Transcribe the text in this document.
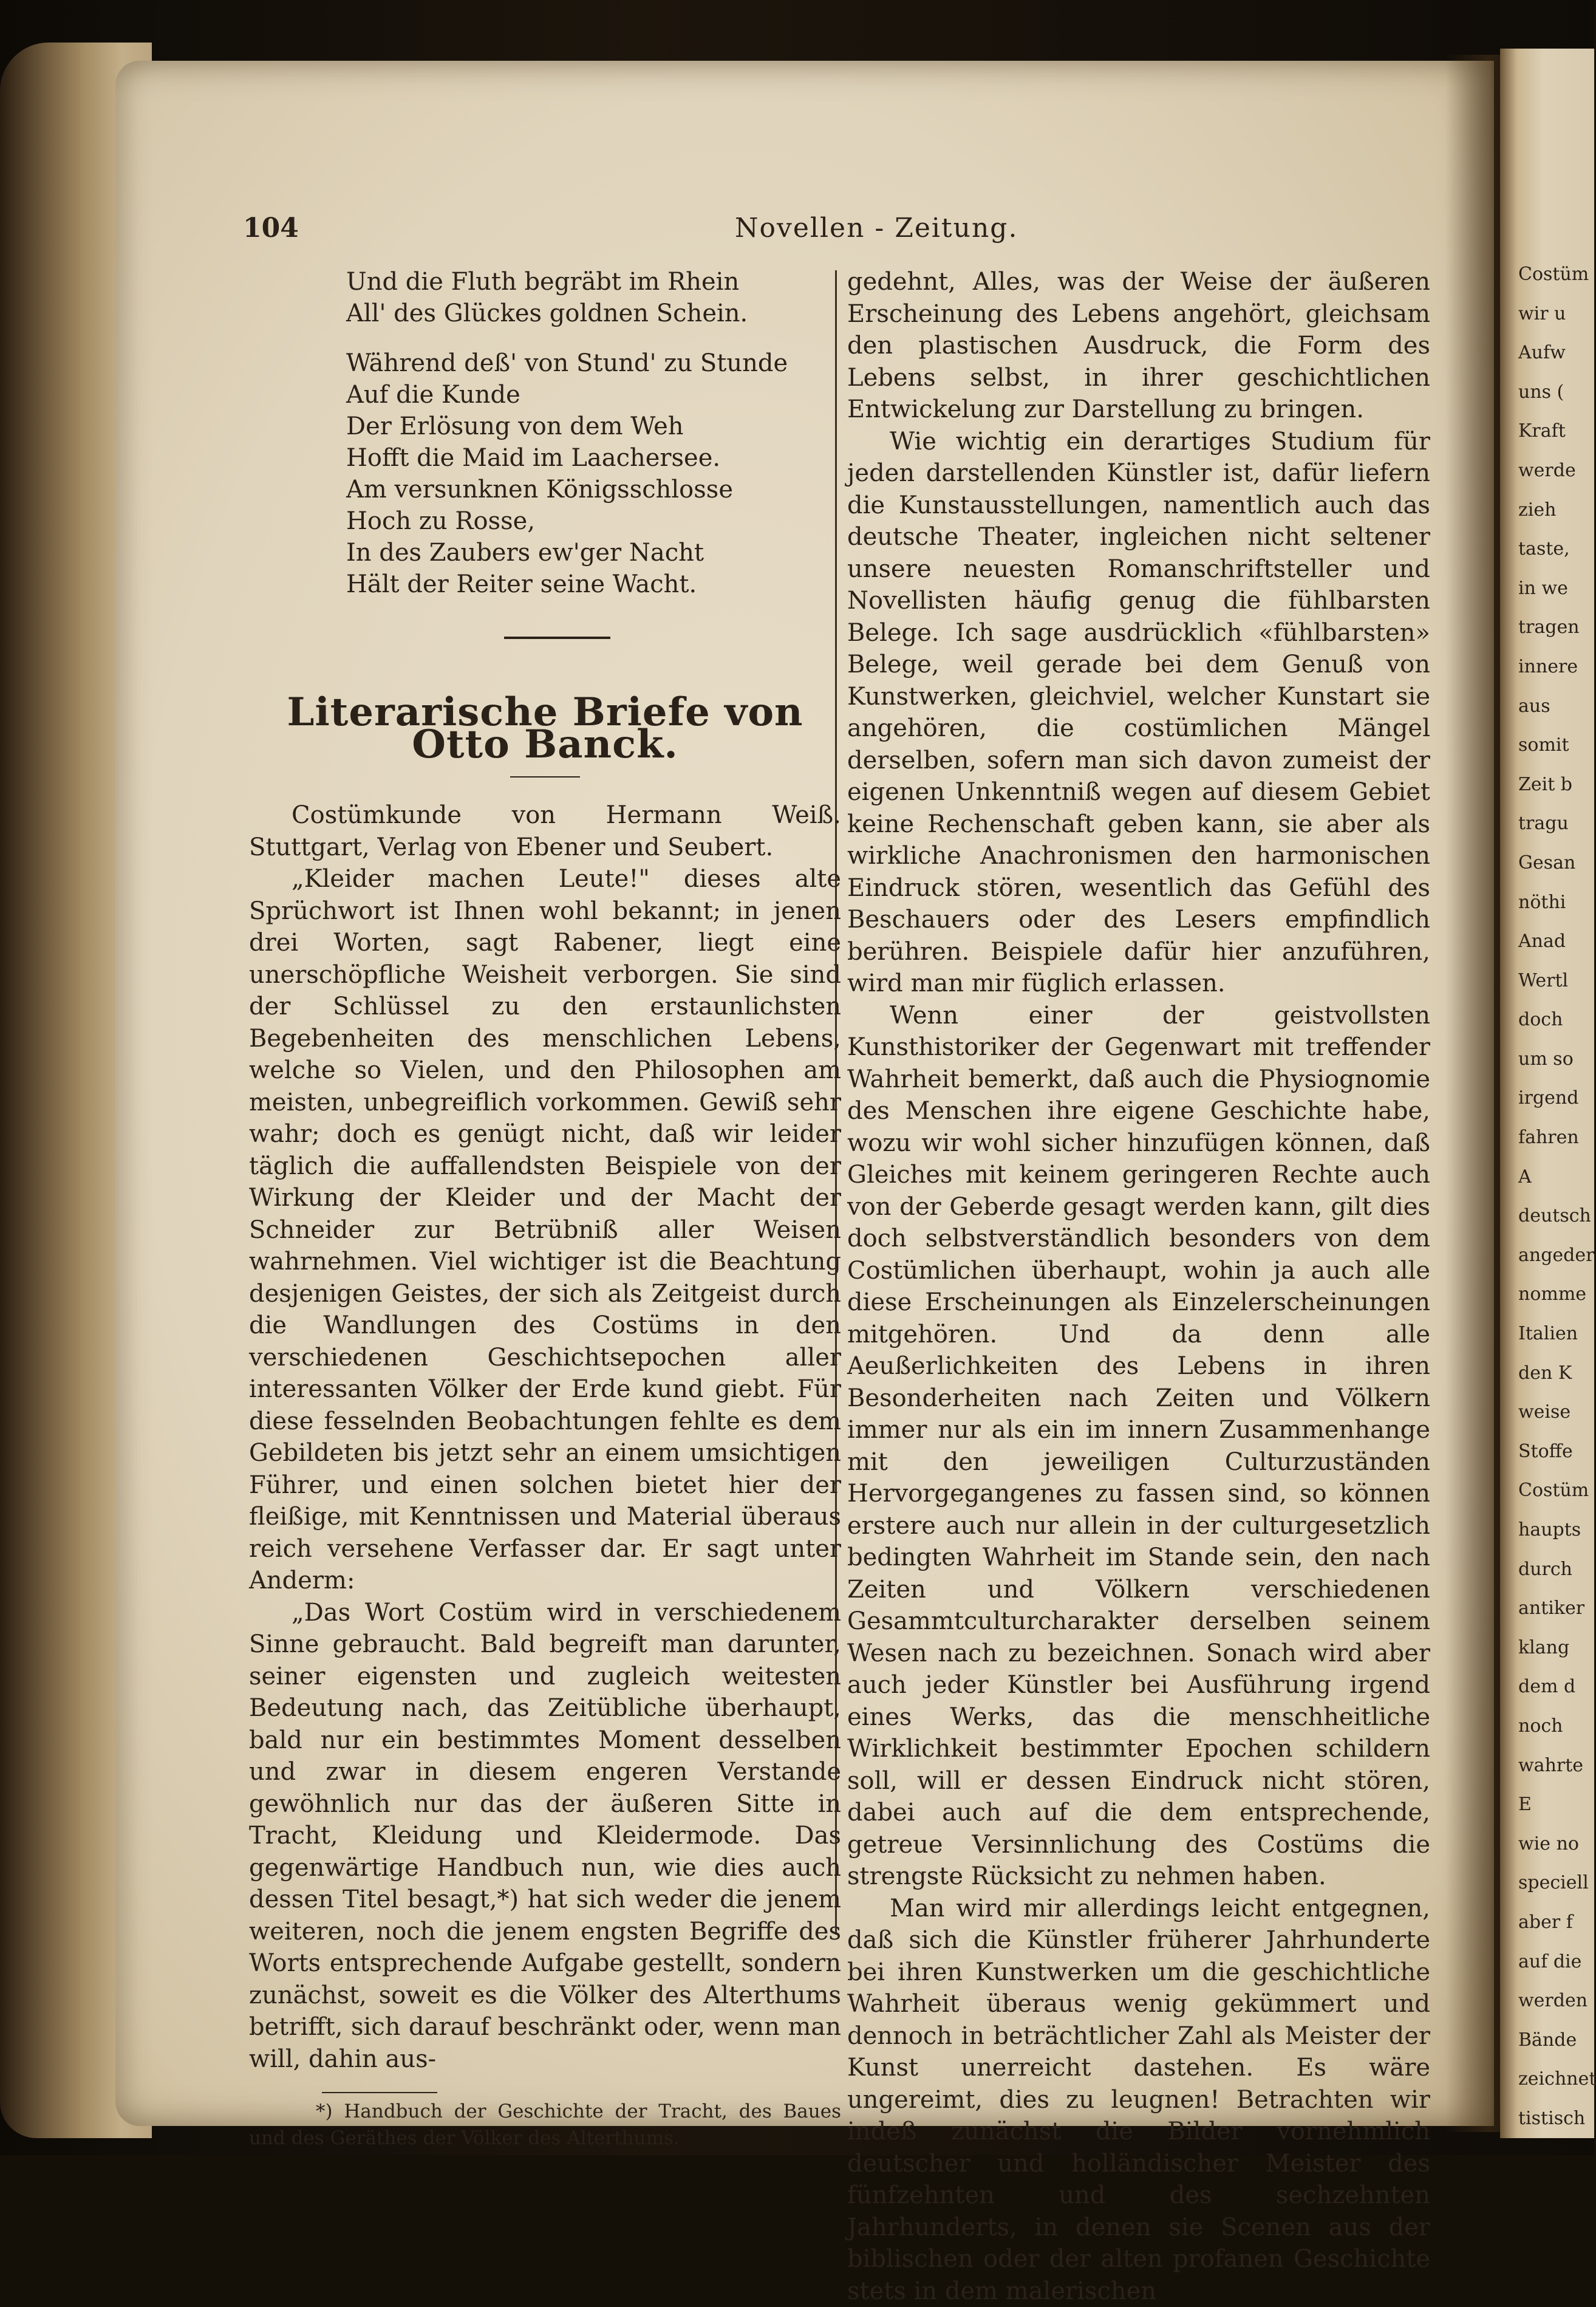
104	Novellen - Zeitung.
Und die Fluth begräbt im Rhein
All' des Glückes goldnen Schein.
Während deß' von Stund' zu Stunde
Auf die Kunde
Der Erlösung von dem Weh
Hofft die Maid im Laachersee.
Am versunknen Königsschlosse
Hoch zu Rosse,
In des Zaubers ew'ger Nacht
Hält der Reiter seine Wacht.
Literarische Briefe von Otto Banck.

Costümkunde von Hermann Weiß. Stuttgart, Verlag von Ebener und Seubert.

„Kleider machen Leute!" dieses alte Sprüchwort ist Ihnen wohl bekannt; in jenen drei Worten, sagt Rabener, liegt eine unerschöpfliche Weisheit verborgen. Sie sind der Schlüssel zu den erstaunlichsten Begebenheiten des menschlichen Lebens, welche so Vielen, und den Philosophen am meisten, unbegreiflich vorkommen. Gewiß sehr wahr; doch es genügt nicht, daß wir leider täglich die auffallendsten Beispiele von der Wirkung der Kleider und der Macht der Schneider zur Betrübniß aller Weisen wahrnehmen. Viel wichtiger ist die Beachtung desjenigen Geistes, der sich als Zeitgeist durch die Wandlungen des Costüms in den verschiedenen Geschichtsepochen aller interessanten Völker der Erde kund giebt. Für diese fesselnden Beobachtungen fehlte es dem Gebildeten bis jetzt sehr an einem umsichtigen Führer, und einen solchen bietet hier der fleißige, mit Kenntnissen und Material überaus reich versehene Verfasser dar. Er sagt unter Anderm:

„Das Wort Costüm wird in verschiedenem Sinne gebraucht. Bald begreift man darunter, seiner eigensten und zugleich weitesten Bedeutung nach, das Zeitübliche überhaupt, bald nur ein bestimmtes Moment desselben und zwar in diesem engeren Verstande gewöhnlich nur das der äußeren Sitte in Tracht, Kleidung und Kleidermode. Das gegenwärtige Handbuch nun, wie dies auch dessen Titel besagt,*) hat sich weder die jenem weiteren, noch die jenem engsten Begriffe des Worts entsprechende Aufgabe gestellt, sondern zunächst, soweit es die Völker des Alterthums betrifft, sich darauf beschränkt oder, wenn man will, dahin aus-

*) Handbuch der Geschichte der Tracht, des Baues und des Geräthes der Völker des Alterthums.

gedehnt, Alles, was der Weise der äußeren Erscheinung des Lebens angehört, gleichsam den plastischen Ausdruck, die Form des Lebens selbst, in ihrer geschichtlichen Entwickelung zur Darstellung zu bringen.

Wie wichtig ein derartiges Studium für jeden darstellenden Künstler ist, dafür liefern die Kunstausstellungen, namentlich auch das deutsche Theater, ingleichen nicht seltener unsere neuesten Romanschriftsteller und Novellisten häufig genug die fühlbarsten Belege. Ich sage ausdrücklich «fühlbarsten» Belege, weil gerade bei dem Genuß von Kunstwerken, gleichviel, welcher Kunstart sie angehören, die costümlichen Mängel derselben, sofern man sich davon zumeist der eigenen Unkenntniß wegen auf diesem Gebiet keine Rechenschaft geben kann, sie aber als wirkliche Anachronismen den harmonischen Eindruck stören, wesentlich das Gefühl des Beschauers oder des Lesers empfindlich berühren. Beispiele dafür hier anzuführen, wird man mir füglich erlassen.

Wenn einer der geistvollsten Kunsthistoriker der Gegenwart mit treffender Wahrheit bemerkt, daß auch die Physiognomie des Menschen ihre eigene Geschichte habe, wozu wir wohl sicher hinzufügen können, daß Gleiches mit keinem geringeren Rechte auch von der Geberde gesagt werden kann, gilt dies doch selbstverständlich besonders von dem Costümlichen überhaupt, wohin ja auch alle diese Erscheinungen als Einzelerscheinungen mitgehören. Und da denn alle Aeußerlichkeiten des Lebens in ihren Besonderheiten nach Zeiten und Völkern immer nur als ein im innern Zusammenhange mit den jeweiligen Culturzuständen Hervorgegangenes zu fassen sind, so können erstere auch nur allein in der culturgesetzlich bedingten Wahrheit im Stande sein, den nach Zeiten und Völkern verschiedenen Gesammtculturcharakter derselben seinem Wesen nach zu bezeichnen. Sonach wird aber auch jeder Künstler bei Ausführung irgend eines Werks, das die menschheitliche Wirklichkeit bestimmter Epochen schildern soll, will er dessen Eindruck nicht stören, dabei auch auf die dem entsprechende, getreue Versinnlichung des Costüms die strengste Rücksicht zu nehmen haben.

Man wird mir allerdings leicht entgegnen, daß sich die Künstler früherer Jahrhunderte bei ihren Kunstwerken um die geschichtliche Wahrheit überaus wenig gekümmert und dennoch in beträchtlicher Zahl als Meister der Kunst unerreicht dastehen. Es wäre ungereimt, dies zu leugnen! Betrachten wir indeß zunächst die Bilder vornehmlich deutscher und holländischer Meister des fünfzehnten und des sechzehnten Jahrhunderts, in denen sie Scenen aus der biblischen oder der alten profanen Geschichte stets in dem malerischen

Costüm
wir u
Aufw
uns (
Kraft
werde
zieh
taste,
in we
tragen
innere
aus
somit
Zeit b
tragu
Gesan
nöthi
Anad
Wertl
doch
um so
irgend
fahren
A
deutsch
angeder
nomme
Italien
den K
weise
Stoffe
Costüm
haupts
durch
antiker
klang
dem d
noch
wahrte
E
wie no
speciell
aber f
auf die
werden
Bände
zeichnet
tistisch
